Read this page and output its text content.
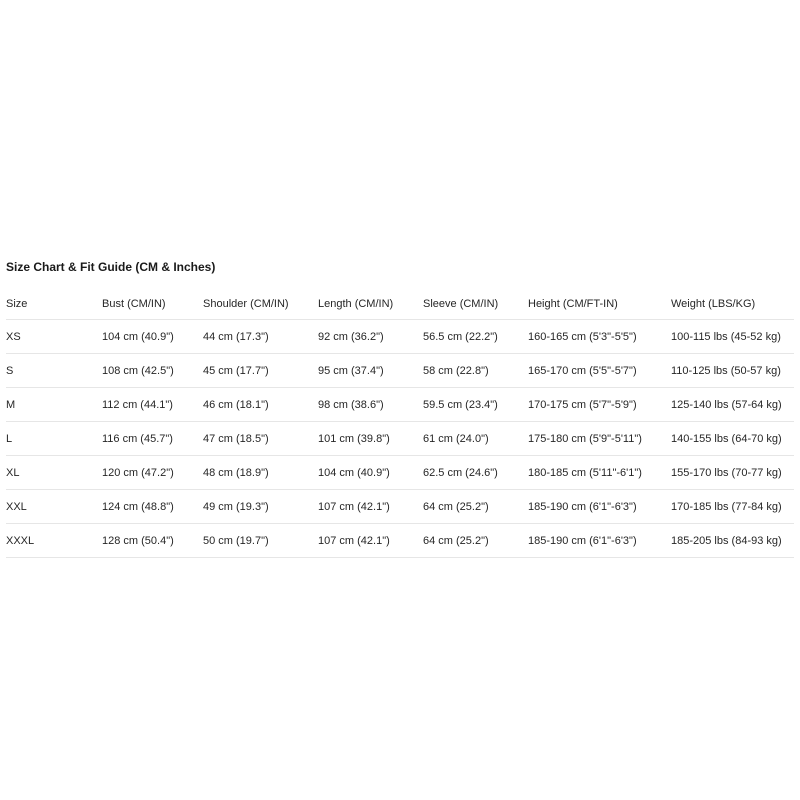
Size Chart & Fit Guide (CM & Inches)
Size	Bust (CM/IN)	Shoulder (CM/IN)	Length (CM/IN)	Sleeve (CM/IN)	Height (CM/FT-IN)	Weight (LBS/KG)
XS	104 cm (40.9")	44 cm (17.3")	92 cm (36.2")	56.5 cm (22.2")	160-165 cm (5'3"-5'5")	100-115 lbs (45-52 kg)
S	108 cm (42.5")	45 cm (17.7")	95 cm (37.4")	58 cm (22.8")	165-170 cm (5'5"-5'7")	110-125 lbs (50-57 kg)
M	112 cm (44.1")	46 cm (18.1")	98 cm (38.6")	59.5 cm (23.4")	170-175 cm (5'7"-5'9")	125-140 lbs (57-64 kg)
L	116 cm (45.7")	47 cm (18.5")	101 cm (39.8")	61 cm (24.0")	175-180 cm (5'9"-5'11")	140-155 lbs (64-70 kg)
XL	120 cm (47.2")	48 cm (18.9")	104 cm (40.9")	62.5 cm (24.6")	180-185 cm (5'11"-6'1")	155-170 lbs (70-77 kg)
XXL	124 cm (48.8")	49 cm (19.3")	107 cm (42.1")	64 cm (25.2")	185-190 cm (6'1"-6'3")	170-185 lbs (77-84 kg)
XXXL	128 cm (50.4")	50 cm (19.7")	107 cm (42.1")	64 cm (25.2")	185-190 cm (6'1"-6'3")	185-205 lbs (84-93 kg)
